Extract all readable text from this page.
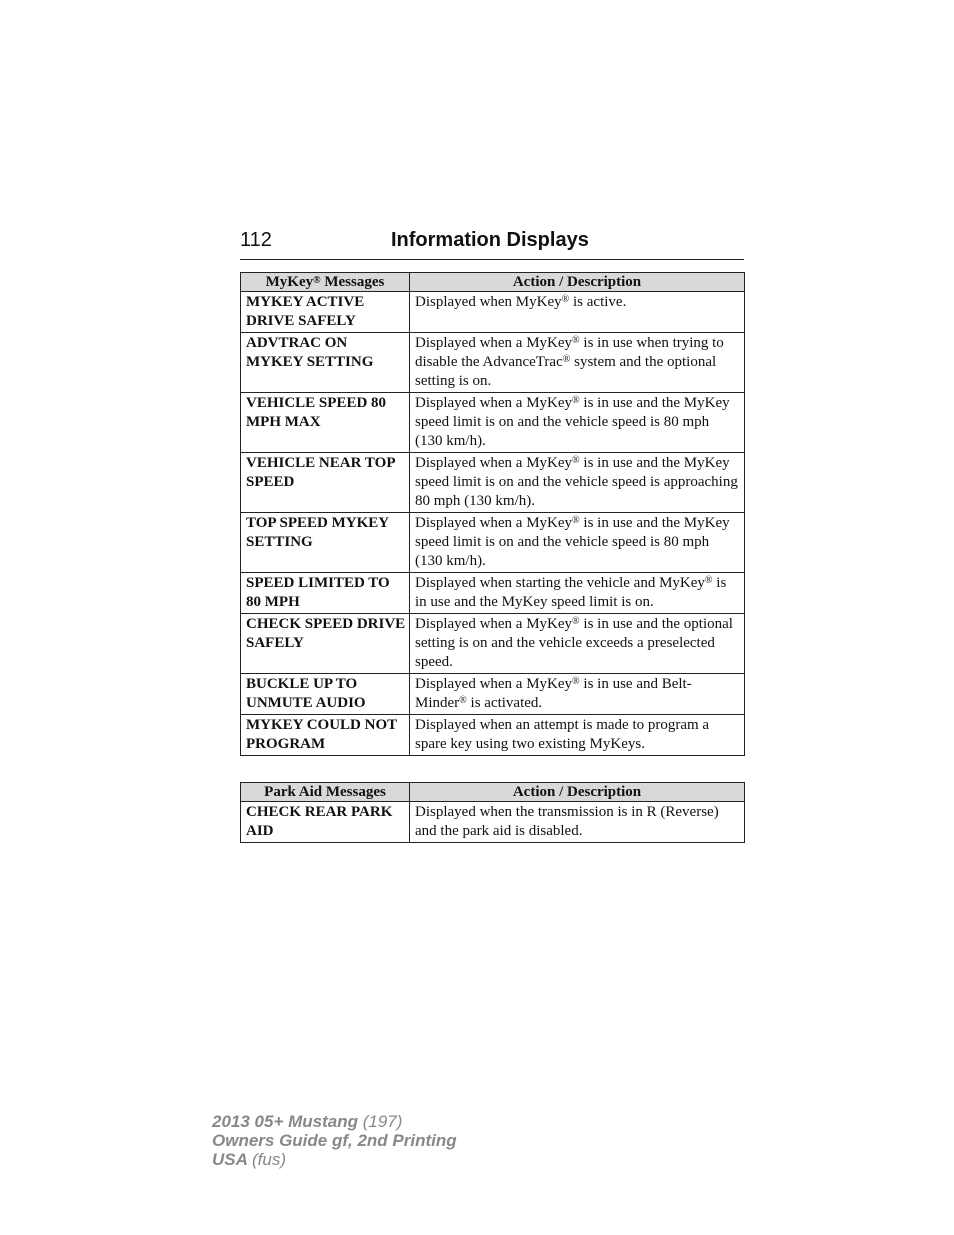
112	Information Displays
MyKey® Messages	Action / Description
MYKEY ACTIVE DRIVE SAFELY	Displayed when MyKey® is active.
ADVTRAC ON MYKEY SETTING	Displayed when a MyKey® is in use when trying to disable the AdvanceTrac® system and the optional setting is on.
VEHICLE SPEED 80 MPH MAX	Displayed when a MyKey® is in use and the MyKey speed limit is on and the vehicle speed is 80 mph (130 km/h).
VEHICLE NEAR TOP SPEED	Displayed when a MyKey® is in use and the MyKey speed limit is on and the vehicle speed is approaching 80 mph (130 km/h).
TOP SPEED MYKEY SETTING	Displayed when a MyKey® is in use and the MyKey speed limit is on and the vehicle speed is 80 mph (130 km/h).
SPEED LIMITED TO 80 MPH	Displayed when starting the vehicle and MyKey® is in use and the MyKey speed limit is on.
CHECK SPEED DRIVE SAFELY	Displayed when a MyKey® is in use and the optional setting is on and the vehicle exceeds a preselected speed.
BUCKLE UP TO UNMUTE AUDIO	Displayed when a MyKey® is in use and Belt-Minder® is activated.
MYKEY COULD NOT PROGRAM	Displayed when an attempt is made to program a spare key using two existing MyKeys.
Park Aid Messages	Action / Description
CHECK REAR PARK AID	Displayed when the transmission is in R (Reverse) and the park aid is disabled.
2013 05+ Mustang (197)
Owners Guide gf, 2nd Printing
USA (fus)
